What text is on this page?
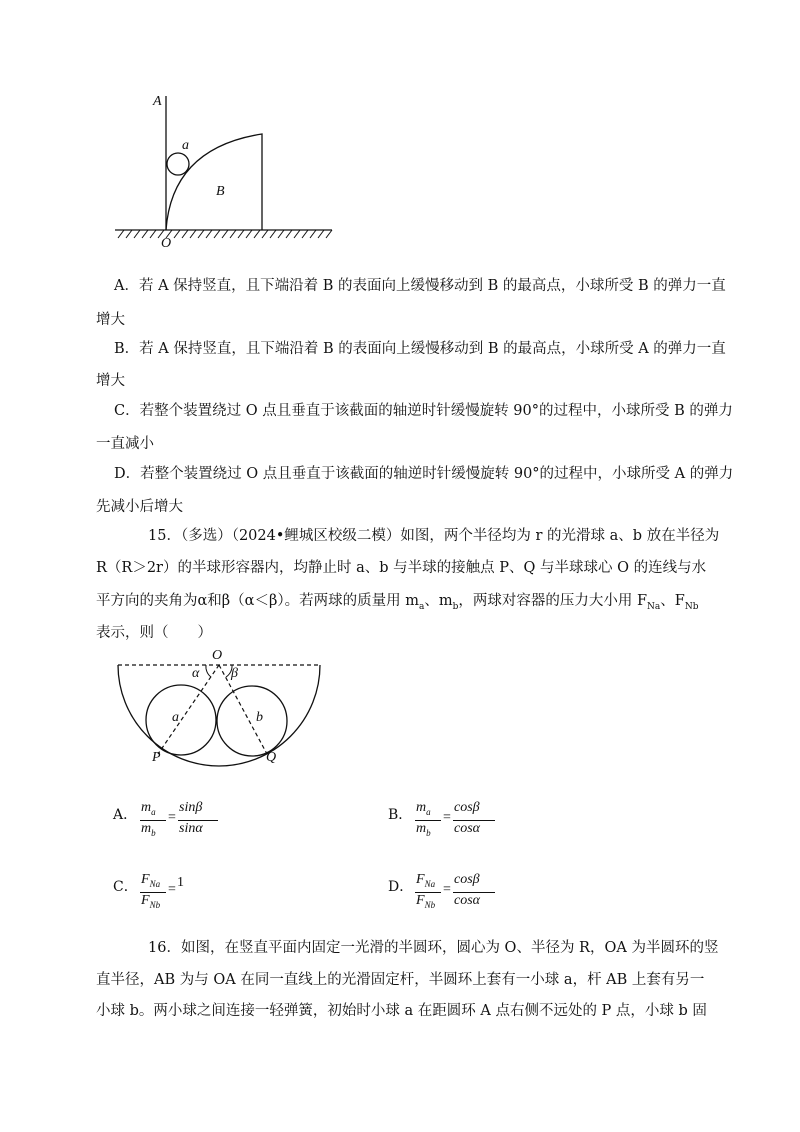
A
a
B
O
A．若 A 保持竖直，且下端沿着 B 的表面向上缓慢移动到 B 的最高点，小球所受 B 的弹力一直
增大
B．若 A 保持竖直，且下端沿着 B 的表面向上缓慢移动到 B 的最高点，小球所受 A 的弹力一直
增大
C．若整个装置绕过 O 点且垂直于该截面的轴逆时针缓慢旋转 90°的过程中，小球所受 B 的弹力
一直减小
D．若整个装置绕过 O 点且垂直于该截面的轴逆时针缓慢旋转 90°的过程中，小球所受 A 的弹力
先减小后增大
15．（多选）（2024•鲤城区校级二模）如图，两个半径均为 r 的光滑球 a、b 放在半径为
R（R＞2r）的半球形容器内，均静止时 a、b 与半球的接触点 P、Q 与半球球心 O 的连线与水
平方向的夹角为α和β（α＜β）。若两球的质量用 $m_a$、$m_b$，两球对容器的压力大小用 $F_{Na}$、$F_{Nb}$
表示，则（　　）
O
α β
a	b
P	Q
A． $m_a$
$m_b$
=
sinβ
sinα
B． $m_a$
$m_b$
=
cosβ
cosα
C． $F_{Na}$
$F_{Nb}$
= 1	D． $F_{Na}$
$F_{Nb}$
=
cosβ
cosα
16．如图，在竖直平面内固定一光滑的半圆环，圆心为 O、半径为 R，OA 为半圆环的竖
直半径，AB 为与 OA 在同一直线上的光滑固定杆，半圆环上套有一小球 a，杆 AB 上套有另一
小球 b。两小球之间连接一轻弹簧，初始时小球 a 在距圆环 A 点右侧不远处的 P 点，小球 b 固
